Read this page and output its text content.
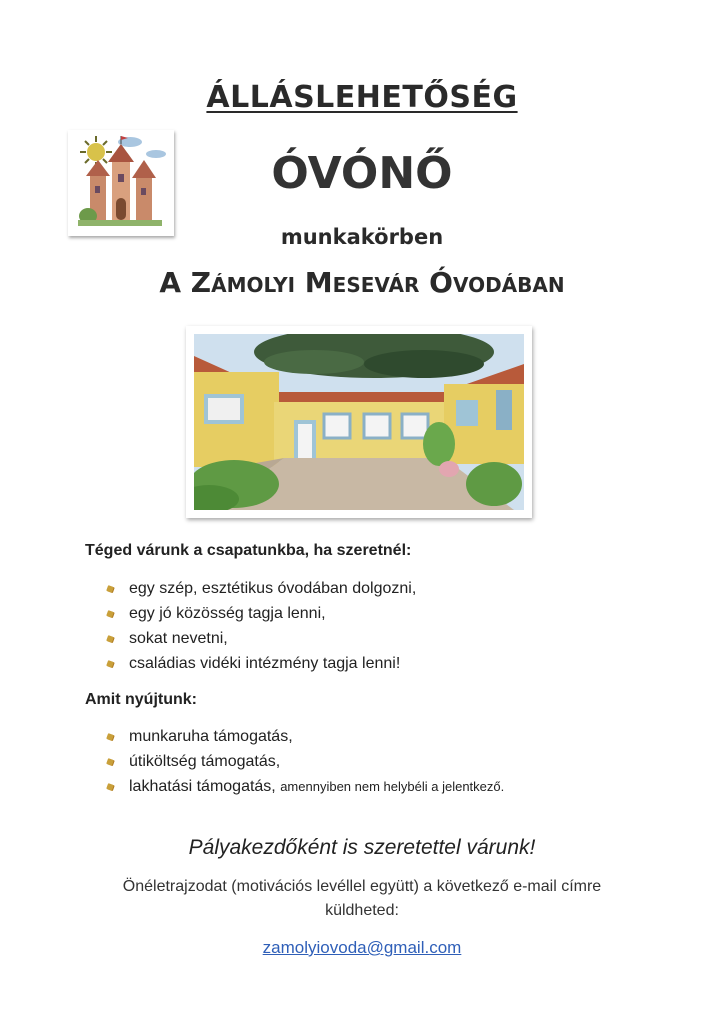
ÁLLÁSLEHETŐSÉG
ÓVÓNŐ
munkakörben
A Zámolyi Mesevár Óvodában
Téged várunk a csapatunkba, ha szeretnél:
egy szép, esztétikus óvodában dolgozni,
egy jó közösség tagja lenni,
sokat nevetni,
családias vidéki intézmény tagja lenni!
Amit nyújtunk:
munkaruha támogatás,
útiköltség támogatás,
lakhatási támogatás, amennyiben nem helybéli a jelentkező.
Pályakezdőként is szeretettel várunk!
Önéletrajzodat (motivációs levéllel együtt) a következő e-mail címre
küldheted:
zamolyiovoda@gmail.com
